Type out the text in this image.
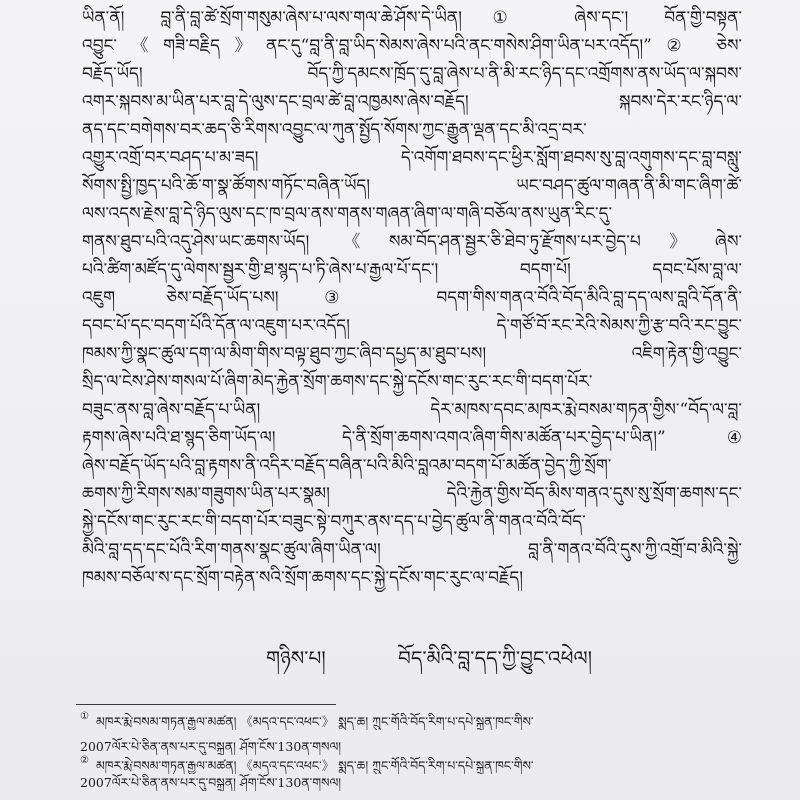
ཡིན་ནོ། བླ་ནི་བླ་ཚེ་སྲོག་གསུམ་ཞེས་པ་ལས་གལ་ཆེ་ཤོས་དེ་ཡིན།① ཞེས་དང་། བོན་གྱི་བསྟན་
འབྱུང་《གཟི་བརྗིད》ནང་དུ“བླ་ནི་བླ་ཡིད་སེམས་ཞེས་པའི་ནང་གསེས་ཤིག་ཡིན་པར་འདོད།”② ཅེས་
བརྗོད་ཡོད། བོད་ཀྱི་དམངས་ཁྲོད་དུ་བླ་ཞེས་པ་ནི་མི་རང་ཉིད་དང་འགྲོགས་ནས་ཡོད་ལ་སྐབས་
འགར་སྐབས་མ་ཡིན་པར་བླ་དེ་ལུས་དང་བྲལ་ཚེ་བླ་འཁྱམས་ཞེས་བརྗོད། སྐབས་དེར་རང་ཉིད་ལ་
ནད་དང་བགེགས་བར་ཆད་ཅི་རིགས་འབྱུང་ལ་ཀུན་སྤྱོད་སོགས་ཀྱང་རྒྱུན་ལྡན་དང་མི་འདྲ་བར་
འགྱུར་འགྲོ་བར་བཤད་པ་མ་ཟད། དེ་འགོག་ཐབས་དང་ཕྱིར་སློག་ཐབས་སུ་བླ་འགུགས་དང་བླ་བསླུ་
སོགས་སྤྱི་ཁྱད་པའི་ཆོ་ག་སྣ་ཚོགས་གཏོང་བཞིན་ཡོད། ཡང་བཤད་ཚུལ་གཞན་ནི་མི་གང་ཞིག་ཚེ་
ལས་འདས་རྗེས་བླ་དེ་ཉིད་ལུས་དང་ཁ་བྲལ་ནས་གནས་གཞན་ཞིག་ལ་གཞི་བཅོལ་ནས་ཡུན་རིང་དུ་
གནས་ཐུབ་པའི་འདུ་ཤེས་ཡང་ཆགས་ཡོད། 《སམ་བོད་ཤན་སྦྱར་ཅི་ཐེབ་ཏུ་རྫོགས་པར་བྱེད་པ》ཞེས་
པའི་ཚིག་མཛོད་དུ་ལེགས་སྦྱར་གྱི་ཐ་སྙད་པ་ཏི་ཞེས་པ་རྒྱལ་པོ་དང་། བདག་པོ། དབང་པོས་བླ་ལ་
འཇུག ཅེས་བརྗོད་ཡོད་པས།③ བདག་གིས་གནའ་བོའི་བོད་མིའི་བླ་དད་ལས་བླའི་དོན་ནི་
དབང་པོ་དང་བདག་པོའི་དོན་ལ་འཇུག་པར་འདོད། དེ་གཙོ་བོ་རང་རེའི་སེམས་ཀྱི་རྩ་བའི་རང་བྱུང་
ཁམས་ཀྱི་སྣང་ཚུལ་དག་ལ་མིག་གིས་བལྟ་ཐུབ་ཀྱང་ཞིབ་དཔྱད་མ་ཐུབ་པས། འཇིག་རྟེན་གྱི་འབྱུང་
སྲིད་ལ་ངེས་ཤེས་གསལ་པོ་ཞིག་མེད་རྐྱེན་སྲོག་ཆགས་དང་སྐྱེ་དངོས་གང་རུང་རང་གི་བདག་པོར་
བཟུང་ནས་བླ་ཞེས་བརྗོད་པ་ཡིན། དེར་མཁས་དབང་མཁར་རྨེ་བསམ་གཏན་གྱིས་“བོད་ལ་བླ་
རྟགས་ཞེས་པའི་ཐ་སྙད་ཅིག་ཡོད་ལ། དེ་ནི་སྲོག་ཆགས་འགའ་ཞིག་གིས་མཚོན་པར་བྱེད་པ་ཡིན།”④
ཞེས་བརྗོད་ཡོད་པའི་བླ་རྟགས་ནི་འདིར་བརྗོད་བཞིན་པའི་མིའི་བླའམ་བདག་པོ་མཚོན་བྱེད་ཀྱི་སྲོག་
ཆགས་ཀྱི་རིགས་སམ་གཟུགས་ཡིན་པར་སྣམ། དེའི་རྐྱེན་གྱིས་བོད་མིས་གནའ་དུས་སུ་སྲོག་ཆགས་དང་
སྐྱེ་དངོས་གང་རུང་རང་གི་བདག་པོར་བཟུང་སྟེ་བཀུར་ནས་དད་པ་བྱེད་ཚུལ་ནི་གནའ་བོའི་བོད་
མིའི་བླ་དད་དང་པོའི་རིག་གནས་སྣང་ཚུལ་ཞིག་ཡིན་ལ། བླ་ནི་གནའ་བོའི་དུས་ཀྱི་འགྲོ་བ་མིའི་སྐྱེ་
ཁམས་བཅོལ་ས་དང་སྲོག་བརྟེན་སའི་སྲོག་ཆགས་དང་སྐྱེ་དངོས་གང་རུང་ལ་བརྗོད།
གཉིས་པ།	བོད་མིའི་བླ་དད་ཀྱི་བྱུང་འཕེལ།
① མཁར་རྨེ་བསམ་གཏན་རྒྱལ་མཚན། 《མདའ་དང་འཕང་》 སྨད་ཆ། ཀྲུང་གོའི་བོད་རིག་པ་དཔེ་སྐྲུན་ཁང་གིས་
2007ལོར་པེ་ཅིན་ནས་པར་དུ་བསྐྲུན། ཤོག་ངོས་130ན་གསལ།
② མཁར་རྨེ་བསམ་གཏན་རྒྱལ་མཚན། 《མདའ་དང་འཕང་》 སྨད་ཆ། ཀྲུང་གོའི་བོད་རིག་པ་དཔེ་སྐྲུན་ཁང་གིས་
2007ལོར་པེ་ཅིན་ནས་པར་དུ་བསྐྲུན། ཤོག་ངོས་130ན་གསལ།
